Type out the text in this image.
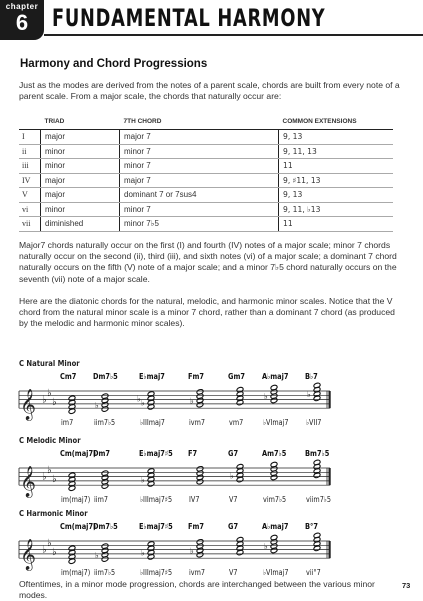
chapter
6 FUNDAMENTAL HARMONY
Harmony and Chord Progressions
Just as the modes are derived from the notes of a parent scale, chords are built from every note of a parent scale. From a major scale, the chords that naturally occur are:
	TRIAD	7TH CHORD	COMMON EXTENSIONS
I	major	major 7	9, 13
ii	minor	minor 7	9, 11, 13
iii	minor	minor 7	11
IV	major	major 7	9, ♯11, 13
V	major	dominant 7 or 7sus4	9, 13
vi	minor	minor 7	9, 11, ♭13
vii	diminished	minor 7♭5	11
Major7 chords naturally occur on the first (I) and fourth (IV) notes of a major scale; minor 7 chords naturally occur on the second (ii), third (iii), and sixth notes (vi) of a major scale; a dominant 7 chord naturally occurs on the fifth (V) note of a major scale; and a minor 7♭5 chord naturally occurs on the seventh (vii) note of a major scale.
Here are the diatonic chords for the natural, melodic, and harmonic minor scales. Notice that the V chord from the natural minor scale is a minor 7 chord, rather than a dominant 7 chord (as produced by the melodic and harmonic minor scales).
C Natural Minor
Cm7 Dm7♭5	E♭maj7	Fm7	Gm7 A♭maj7 B♭7
im7	iim7♭5	♭IIImaj7	ivm7	vm7	♭VImaj7 ♭VII7
𝄞 ♭
♭
♭	♭	♭
♭	♭	♭	♭
C Melodic Minor
Cm(maj7)
Dm7	E♭maj7♯5 F7	G7	Am7♭5 Bm7♭5
im(maj7) iim7	♭IIImaj7♯5 IV7	V7	vim7♭5	viim7♭5
𝄞 ♭
♭
♭	♭	♭
C Harmonic Minor
Cm(maj7)
Dm7♭5	E♭maj7♯5 Fm7	G7	A♭maj7 B°7
im(maj7) iim7♭5	♭IIImaj7♯5 ivm7	V7	♭VImaj7 vii°7
𝄞 ♭
♭
♭	♭	♭	♭	♭
Oftentimes, in a minor mode progression, chords are interchanged between the various minor modes.
73
